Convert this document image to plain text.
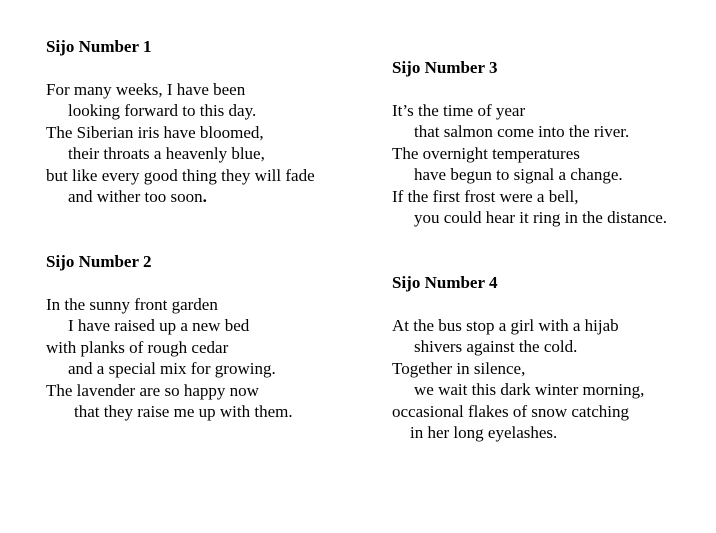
Sijo Number 1
For many weeks, I have been
looking forward to this day.
The Siberian iris have bloomed,
their throats a heavenly blue,
but like every good thing they will fade
and wither too soon.
Sijo Number 2
In the sunny front garden
I have raised up a new bed
with planks of rough cedar
and a special mix for growing.
The lavender are so happy now
that they raise me up with them.
Sijo Number 3
It’s the time of year
that salmon come into the river.
The overnight temperatures
have begun to signal a change.
If the first frost were a bell,
you could hear it ring in the distance.
Sijo Number 4
At the bus stop a girl with a hijab
shivers against the cold.
Together in silence,
we wait this dark winter morning,
occasional flakes of snow catching
in her long eyelashes.
